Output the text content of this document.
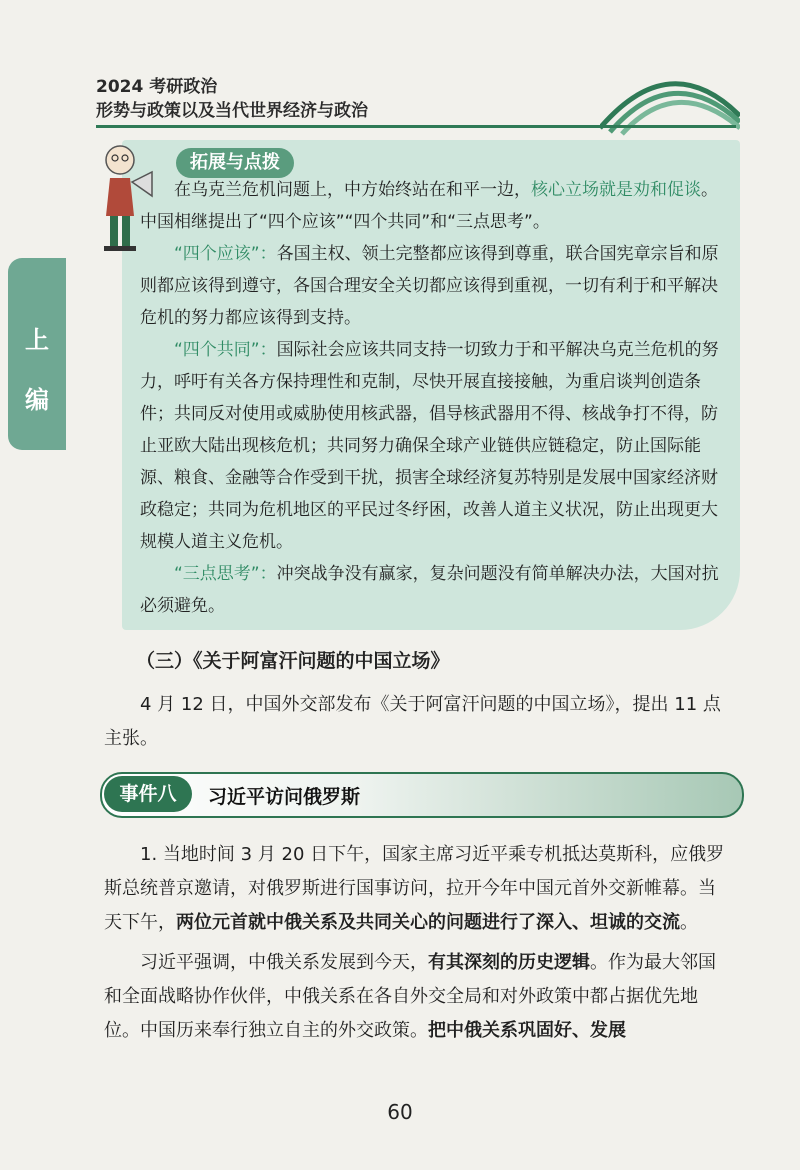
2024 考研政治
形势与政策以及当代世界经济与政治
上
编
拓展与点拨

在乌克兰危机问题上，中方始终站在和平一边，核心立场就是劝和促谈。中国相继提出了“四个应该”“四个共同”和“三点思考”。

“四个应该”：各国主权、领土完整都应该得到尊重，联合国宪章宗旨和原则都应该得到遵守，各国合理安全关切都应该得到重视，一切有利于和平解决危机的努力都应该得到支持。

“四个共同”：国际社会应该共同支持一切致力于和平解决乌克兰危机的努力，呼吁有关各方保持理性和克制，尽快开展直接接触，为重启谈判创造条件；共同反对使用或威胁使用核武器，倡导核武器用不得、核战争打不得，防止亚欧大陆出现核危机；共同努力确保全球产业链供应链稳定，防止国际能源、粮食、金融等合作受到干扰，损害全球经济复苏特别是发展中国家经济财政稳定；共同为危机地区的平民过冬纾困，改善人道主义状况，防止出现更大规模人道主义危机。

“三点思考”：冲突战争没有赢家，复杂问题没有简单解决办法，大国对抗必须避免。

（三）《关于阿富汗问题的中国立场》

4 月 12 日，中国外交部发布《关于阿富汗问题的中国立场》，提出 11 点主张。

事件八	习近平访问俄罗斯

1. 当地时间 3 月 20 日下午，国家主席习近平乘专机抵达莫斯科，应俄罗斯总统普京邀请，对俄罗斯进行国事访问，拉开今年中国元首外交新帷幕。当天下午，两位元首就中俄关系及共同关心的问题进行了深入、坦诚的交流。

习近平强调，中俄关系发展到今天，有其深刻的历史逻辑。作为最大邻国和全面战略协作伙伴，中俄关系在各自外交全局和对外政策中都占据优先地位。中国历来奉行独立自主的外交政策。把中俄关系巩固好、发展

60
